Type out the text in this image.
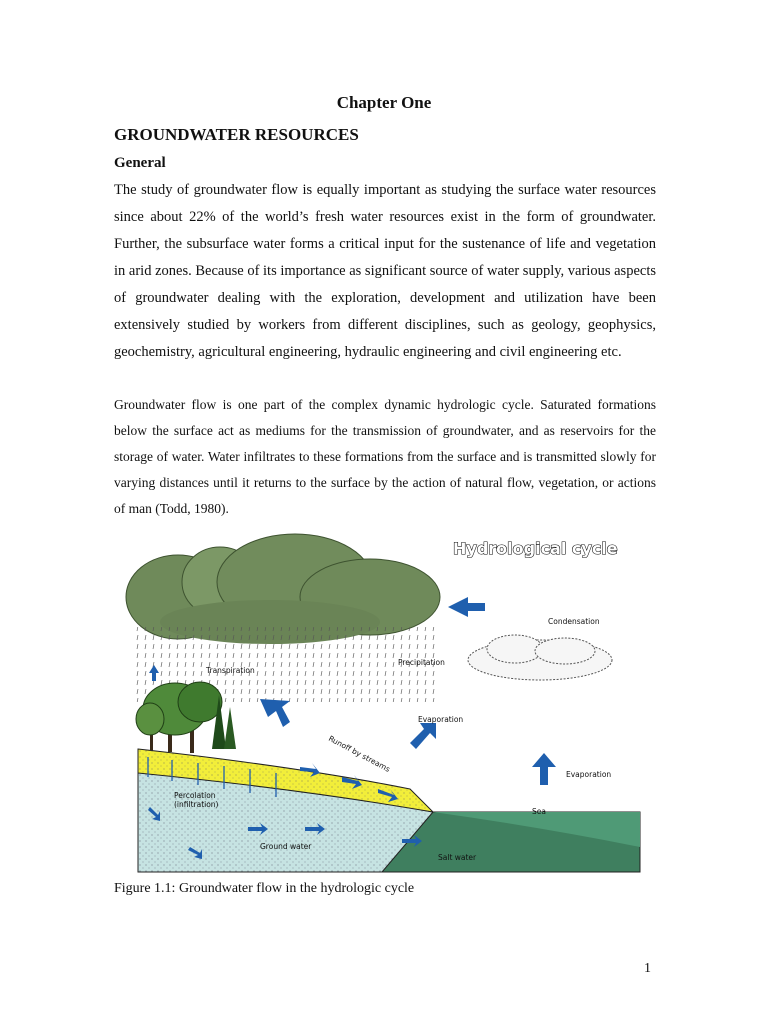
Chapter One
GROUNDWATER RESOURCES
General

The study of groundwater flow is equally important as studying the surface water resources since about 22% of the world’s fresh water resources exist in the form of groundwater. Further, the subsurface water forms a critical input for the sustenance of life and vegetation in arid zones. Because of its importance as significant source of water supply, various aspects of groundwater dealing with the exploration, development and utilization have been extensively studied by workers from different disciplines, such as geology, geophysics, geochemistry, agricultural engineering, hydraulic engineering and civil engineering etc.

Groundwater flow is one part of the complex dynamic hydrologic cycle. Saturated formations below the surface act as mediums for the transmission of groundwater, and as reservoirs for the storage of water. Water infiltrates to these formations from the surface and is transmitted slowly for varying distances until it returns to the surface by the action of natural flow, vegetation, or actions of man (Todd, 1980).

Hydrological cycle
Condensation
Precipitation
Transpiration
Evaporation
Evaporation
Runoff by streams
Percolation
(infiltration)
Ground water
Sea
Salt water

Figure 1.1: Groundwater flow in the hydrologic cycle

1
